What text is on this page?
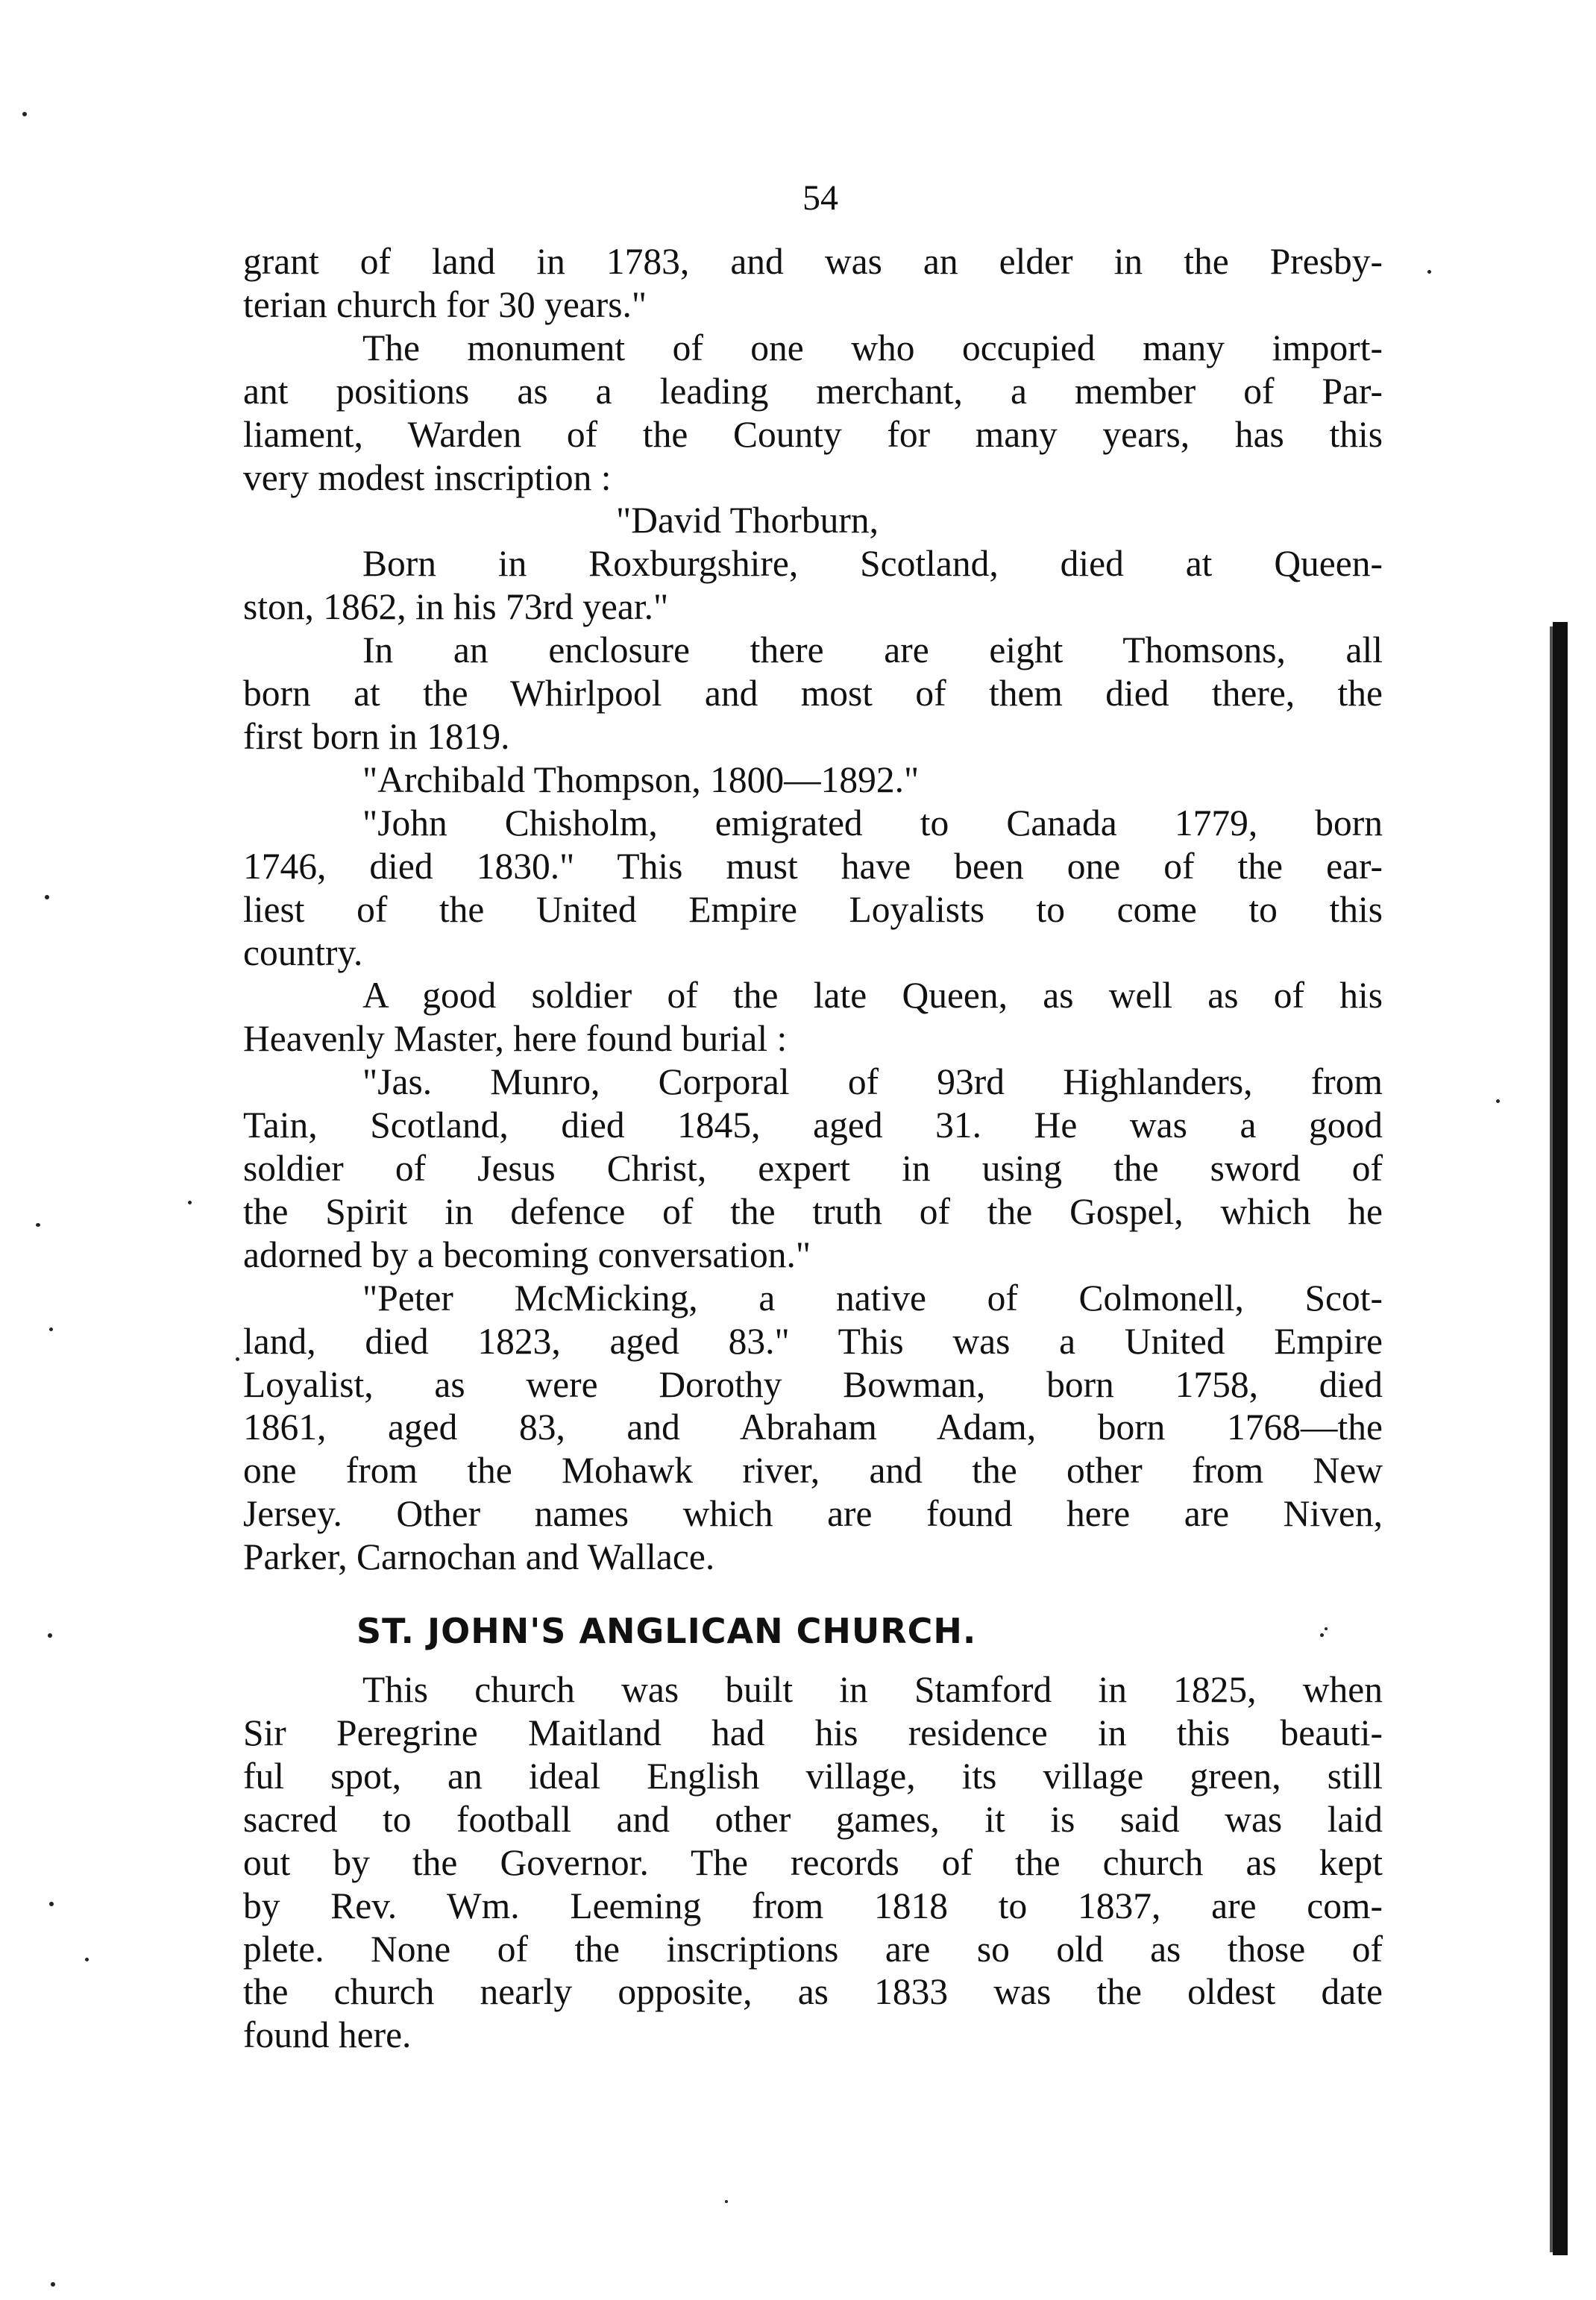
54

grant of land in 1783, and was an elder in the Presby-
terian church for 30 years."

The monument of one who occupied many import-
ant positions as a leading merchant, a member of Par-
liament, Warden of the County for many years, has this
very modest inscription :

"David Thorburn,

Born in Roxburgshire, Scotland, died at Queen-
ston, 1862, in his 73rd year."

In an enclosure there are eight Thomsons, all
born at the Whirlpool and most of them died there, the
first born in 1819.

"Archibald Thompson, 1800—1892."

"John Chisholm, emigrated to Canada 1779, born
1746, died 1830." This must have been one of the ear-
liest of the United Empire Loyalists to come to this
country.

A good soldier of the late Queen, as well as of his
Heavenly Master, here found burial :

"Jas. Munro, Corporal of 93rd Highlanders, from
Tain, Scotland, died 1845, aged 31. He was a good
soldier of Jesus Christ, expert in using the sword of
the Spirit in defence of the truth of the Gospel, which he
adorned by a becoming conversation."

"Peter McMicking, a native of Colmonell, Scot-
land, died 1823, aged 83." This was a United Empire
Loyalist, as were Dorothy Bowman, born 1758, died
1861, aged 83, and Abraham Adam, born 1768—the
one from the Mohawk river, and the other from New
Jersey. Other names which are found here are Niven,
Parker, Carnochan and Wallace.

ST. JOHN'S ANGLICAN CHURCH.

This church was built in Stamford in 1825, when
Sir Peregrine Maitland had his residence in this beauti-
ful spot, an ideal English village, its village green, still
sacred to football and other games, it is said was laid
out by the Governor. The records of the church as kept
by Rev. Wm. Leeming from 1818 to 1837, are com-
plete. None of the inscriptions are so old as those of
the church nearly opposite, as 1833 was the oldest date
found here.
